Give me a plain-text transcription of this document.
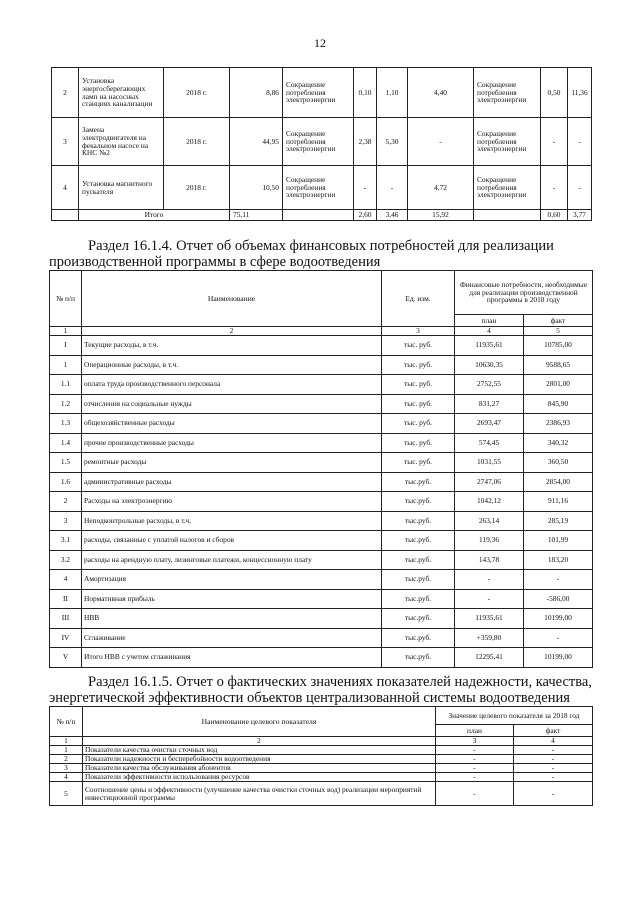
12
2	Установка энергосберегающих ламп на насосных станциях канализации	2018 г.	8,86	Сокращение потребления электроэнергии	0,10	1,10	4,40	Сокращение потребления электроэнергии	0,50	11,36
3	Замена электродвигателя на фекальном насосе на КНС №2	2018 г.	44,95	Сокращение потребления электроэнергии	2,38	5,30	-	Сокращение потребления электроэнергии	-	-
4	Установка магнитного пускателя	2018 г.	10,50	Сокращение потребления электроэнергии	-	-	4,72	Сокращение потребления электроэнергии	-	-
	Итого		75,11		2,60	3,46	15,92		0,60	3,77
Раздел 16.1.4. Отчет об объемах финансовых потребностей для реализации
производственной программы в сфере водоотведения
№ п/п	Наименование	Ед. изм.	Финансовые потребности, необходимые для реализации производственной программы в 2018 году	
			план	факт
1	2	3	4	5
I	Текущие расходы, в т.ч.	тыс. руб.	11935,61	10785,00
1	Операционные расходы, в т.ч.	тыс. руб.	10630,35	9588,65
1.1	оплата труда производственного персонала	тыс. руб.	2752,55	2801,00
1.2	отчисления на социальные нужды	тыс. руб.	831,27	845,90
1.3	общехозяйственные расходы	тыс. руб.	2693,47	2386,93
1.4	прочие производственные расходы	тыс. руб.	574,45	340,32
1.5	ремонтные расходы	тыс. руб.	1031,55	360,50
1.6	административные расходы	тыс.руб.	2747,06	2854,00
2	Расходы на электроэнергию	тыс.руб.	1042,12	911,16
3	Неподконтрольные расходы, в т.ч.	тыс.руб.	263,14	285,19
3.1	расходы, связанные с уплатой налогов и сборов	тыс.руб.	119,36	101,99
3.2	расходы на арендную плату, лизинговые платежи, концессионную плату	тыс.руб.	143,78	183,20
4	Амортизация	тыс.руб.	-	-
II	Нормативная прибыль	тыс.руб.	-	-586,00
III	НВВ	тыс.руб.	11935,61	10199,00
IV	Сглаживание	тыс.руб.	+359,80	-
V	Итого НВВ с учетом сглаживания	тыс.руб.	12295,41	10199,00
Раздел 16.1.5. Отчет о фактических значениях показателей надежности, качества,
энергетической эффективности объектов централизованной системы водоотведения
№ п/п	Наименование целевого показателя	Значение целевого показателя за 2018 год	
		план	факт
1	2	3	4
1	Показатели качества очистки сточных вод	-	-
2	Показатели надежности и бесперебойности водоотведения	-	-
3	Показатели качества обслуживания абонентов	-	-
4	Показатели эффективности использования ресурсов	-	-
5	Соотношение цены и эффективности (улучшение качества очистки сточных вод) реализации мероприятий инвестиционной программы	-	-
